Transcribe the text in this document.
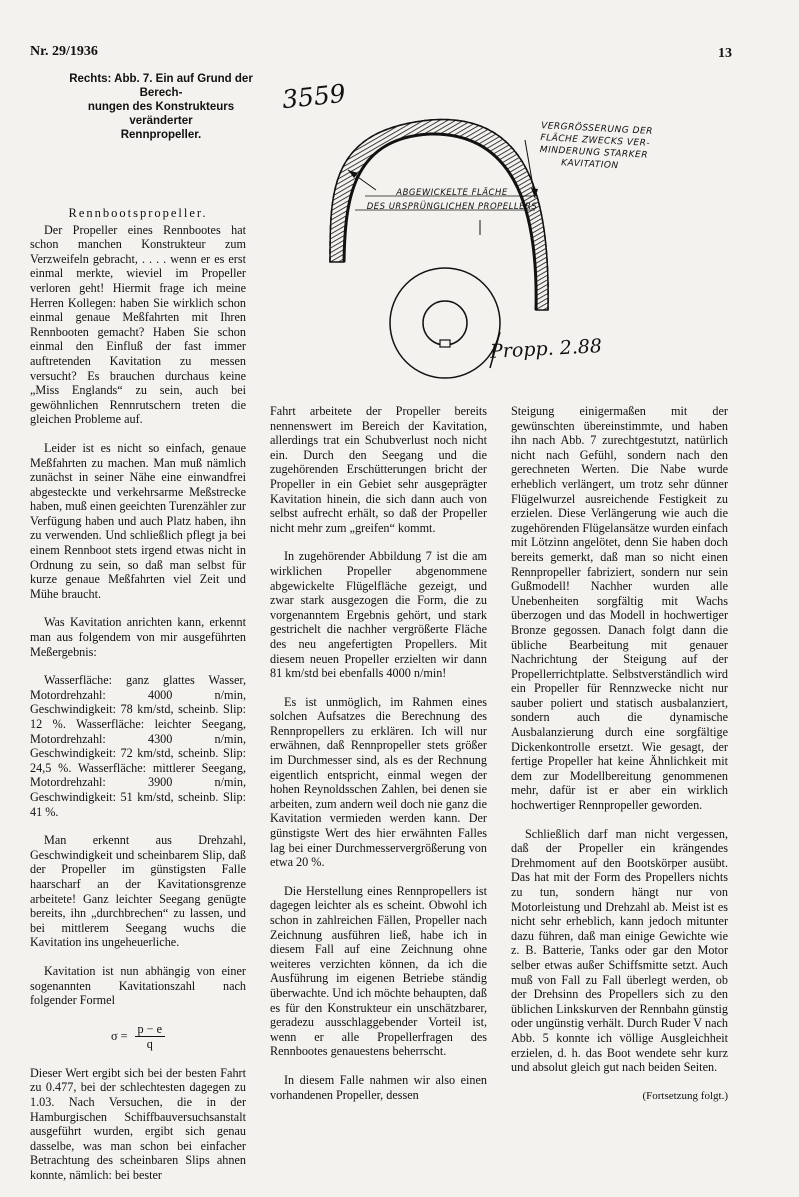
Nr. 29/1936	13
Rechts: Abb. 7. Ein auf Grund der Berech-
nungen des Konstrukteurs veränderter
Rennpropeller.
3559
VERGRÖSSERUNG DER
FLÄCHE ZWECKS VER-
MINDERUNG STARKER
KAVITATION
ABGEWICKELTE FLÄCHE
DES URSPRÜNGLICHEN PROPELLERS
Propp. 2.88
Rennbootspropeller.

Der Propeller eines Rennbootes hat schon manchen Konstrukteur zum Verzweifeln gebracht, . . . . wenn er es erst einmal merkte, wieviel im Propeller verloren geht! Hiermit frage ich meine Herren Kollegen: haben Sie wirklich schon einmal genaue Meßfahrten mit Ihren Rennbooten gemacht? Haben Sie schon einmal den Einfluß der fast immer auftretenden Kavitation zu messen versucht? Es brauchen durchaus keine „Miss Englands“ zu sein, auch bei gewöhnlichen Rennrutschern treten die gleichen Probleme auf.

Leider ist es nicht so einfach, genaue Meßfahrten zu machen. Man muß nämlich zunächst in seiner Nähe eine einwandfrei abgesteckte und verkehrsarme Meßstrecke haben, muß einen geeichten Turenzähler zur Verfügung haben und auch Platz haben, ihn zu verwenden. Und schließlich pflegt ja bei einem Rennboot stets irgend etwas nicht in Ordnung zu sein, so daß man selbst für kurze genaue Meßfahrten viel Zeit und Mühe braucht.

Was Kavitation anrichten kann, erkennt man aus folgendem von mir ausgeführten Meßergebnis:

Wasserfläche: ganz glattes Wasser, Motordrehzahl: 4000 n/min, Geschwindigkeit: 78 km/std, scheinb. Slip: 12 %. Wasserfläche: leichter Seegang, Motordrehzahl: 4300 n/min, Geschwindigkeit: 72 km/std, scheinb. Slip: 24,5 %. Wasserfläche: mittlerer Seegang, Motordrehzahl: 3900 n/min, Geschwindigkeit: 51 km/std, scheinb. Slip: 41 %.

Man erkennt aus Drehzahl, Geschwindigkeit und scheinbarem Slip, daß der Propeller im günstigsten Falle haarscharf an der Kavitationsgrenze arbeitete! Ganz leichter Seegang genügte bereits, ihn „durchbrechen“ zu lassen, und bei mittlerem Seegang wuchs die Kavitation ins ungeheuerliche.

Kavitation ist nun abhängig von einer sogenannten Kavitationszahl nach folgender Formel

$\sigma = \frac{p - e}{q}$

Dieser Wert ergibt sich bei der besten Fahrt zu 0.477, bei der schlechtesten dagegen zu 1.03. Nach Versuchen, die in der Hamburgischen Schiffbauversuchsanstalt ausgeführt wurden, ergibt sich genau dasselbe, was man schon bei einfacher Betrachtung des scheinbaren Slips ahnen konnte, nämlich: bei bester

Fahrt arbeitete der Propeller bereits nennenswert im Bereich der Kavitation, allerdings trat ein Schubverlust noch nicht ein. Durch den Seegang und die zugehörenden Erschütterungen bricht der Propeller in ein Gebiet sehr ausgeprägter Kavitation hinein, die sich dann auch von selbst aufrecht erhält, so daß der Propeller nicht mehr zum „greifen“ kommt.

In zugehörender Abbildung 7 ist die am wirklichen Propeller abgenommene abgewickelte Flügelfläche gezeigt, und zwar stark ausgezogen die Form, die zu vorgenanntem Ergebnis gehört, und stark gestrichelt die nachher vergrößerte Fläche des neu angefertigten Propellers. Mit diesem neuen Propeller erzielten wir dann 81 km/std bei ebenfalls 4000 n/min!

Es ist unmöglich, im Rahmen eines solchen Aufsatzes die Berechnung des Rennpropellers zu erklären. Ich will nur erwähnen, daß Rennpropeller stets größer im Durchmesser sind, als es der Rechnung eigentlich entspricht, einmal wegen der hohen Reynoldsschen Zahlen, bei denen sie arbeiten, zum andern weil doch nie ganz die Kavitation vermieden werden kann. Der günstigste Wert des hier erwähnten Falles lag bei einer Durchmesservergrößerung von etwa 20 %.

Die Herstellung eines Rennpropellers ist dagegen leichter als es scheint. Obwohl ich schon in zahlreichen Fällen, Propeller nach Zeichnung ausführen ließ, habe ich in diesem Fall auf eine Zeichnung ohne weiteres verzichten können, da ich die Ausführung im eigenen Betriebe ständig überwachte. Und ich möchte behaupten, daß es für den Konstrukteur ein unschätzbarer, geradezu ausschlaggebender Vorteil ist, wenn er alle Propellerfragen des Rennbootes genauestens beherrscht.

In diesem Falle nahmen wir also einen vorhandenen Propeller, dessen

Steigung einigermaßen mit der gewünschten übereinstimmte, und haben ihn nach Abb. 7 zurechtgestutzt, natürlich nicht nach Gefühl, sondern nach den gerechneten Werten. Die Nabe wurde erheblich verlängert, um trotz sehr dünner Flügelwurzel ausreichende Festigkeit zu erzielen. Diese Verlängerung wie auch die zugehörenden Flügelansätze wurden einfach mit Lötzinn angelötet, denn Sie haben doch bereits gemerkt, daß man so nicht einen Rennpropeller fabriziert, sondern nur sein Gußmodell! Nachher wurden alle Unebenheiten sorgfältig mit Wachs überzogen und das Modell in hochwertiger Bronze gegossen. Danach folgt dann die übliche Bearbeitung mit genauer Nachrichtung der Steigung auf der Propellerrichtplatte. Selbstverständlich wird ein Propeller für Rennzwecke nicht nur sauber poliert und statisch ausbalanziert, sondern auch die dynamische Ausbalanzierung durch eine sorgfältige Dickenkontrolle ersetzt. Wie gesagt, der fertige Propeller hat keine Ähnlichkeit mit dem zur Modellbereitung genommenen mehr, dafür ist er aber ein wirklich hochwertiger Rennpropeller geworden.

Schließlich darf man nicht vergessen, daß der Propeller ein krängendes Drehmoment auf den Bootskörper ausübt. Das hat mit der Form des Propellers nichts zu tun, sondern hängt nur von Motorleistung und Drehzahl ab. Meist ist es nicht sehr erheblich, kann jedoch mitunter dazu führen, daß man einige Gewichte wie z. B. Batterie, Tanks oder gar den Motor selber etwas außer Schiffsmitte setzt. Auch muß von Fall zu Fall überlegt werden, ob der Drehsinn des Propellers sich zu den üblichen Linkskurven der Rennbahn günstig oder ungünstig verhält. Durch Ruder V nach Abb. 5 konnte ich völlige Ausgleichheit erzielen, d. h. das Boot wendete sehr kurz und absolut gleich gut nach beiden Seiten.

(Fortsetzung folgt.)
